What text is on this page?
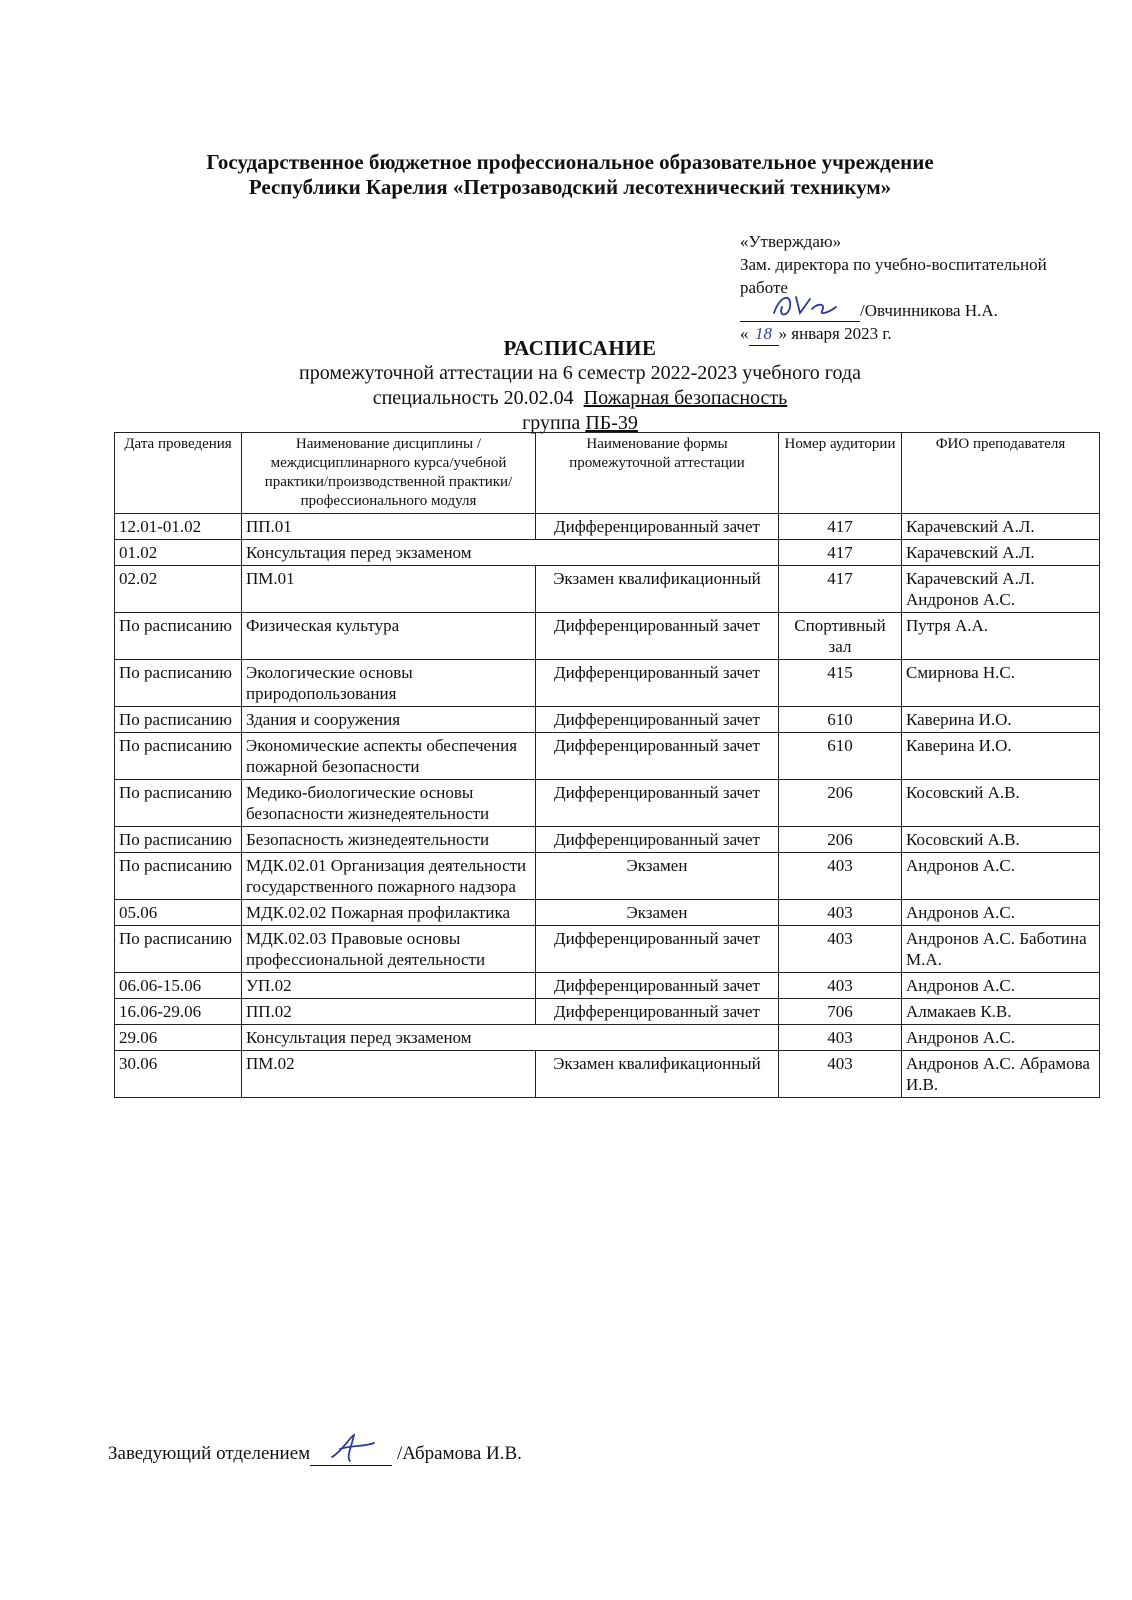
Государственное бюджетное профессиональное образовательное учреждение
Республики Карелия «Петрозаводский лесотехнический техникум»
«Утверждаю»
Зам. директора по учебно-воспитательной
работе
/Овчинникова Н.А.
« 18 » января 2023 г.
РАСПИСАНИЕ
промежуточной аттестации на 6 семестр 2022-2023 учебного года
специальность 20.02.04 Пожарная безопасность
группа ПБ-39
Дата проведения	Наименование дисциплины /междисциплинарного курса/учебной практики/производственной практики/профессионального модуля	Наименование формы промежуточной аттестации	Номер аудитории	ФИО преподавателя
12.01-01.02	ПП.01	Дифференцированный зачет	417	Карачевский А.Л.
01.02	Консультация перед экзаменом		417	Карачевский А.Л.
02.02	ПМ.01	Экзамен квалификационный	417	Карачевский А.Л. Андронов А.С.
По расписанию	Физическая культура	Дифференцированный зачет	Спортивный зал	Путря А.А.
По расписанию	Экологические основы природопользования	Дифференцированный зачет	415	Смирнова Н.С.
По расписанию	Здания и сооружения	Дифференцированный зачет	610	Каверина И.О.
По расписанию	Экономические аспекты обеспечения пожарной безопасности	Дифференцированный зачет	610	Каверина И.О.
По расписанию	Медико-биологические основы безопасности жизнедеятельности	Дифференцированный зачет	206	Косовский А.В.
По расписанию	Безопасность жизнедеятельности	Дифференцированный зачет	206	Косовский А.В.
По расписанию	МДК.02.01 Организация деятельности государственного пожарного надзора	Экзамен	403	Андронов А.С.
05.06	МДК.02.02 Пожарная профилактика	Экзамен	403	Андронов А.С.
По расписанию	МДК.02.03 Правовые основы профессиональной деятельности	Дифференцированный зачет	403	Андронов А.С. Баботина М.А.
06.06-15.06	УП.02	Дифференцированный зачет	403	Андронов А.С.
16.06-29.06	ПП.02	Дифференцированный зачет	706	Алмакаев К.В.
29.06	Консультация перед экзаменом		403	Андронов А.С.
30.06	ПМ.02	Экзамен квалификационный	403	Андронов А.С. Абрамова И.В.
Заведующий отделением	/Абрамова И.В.
